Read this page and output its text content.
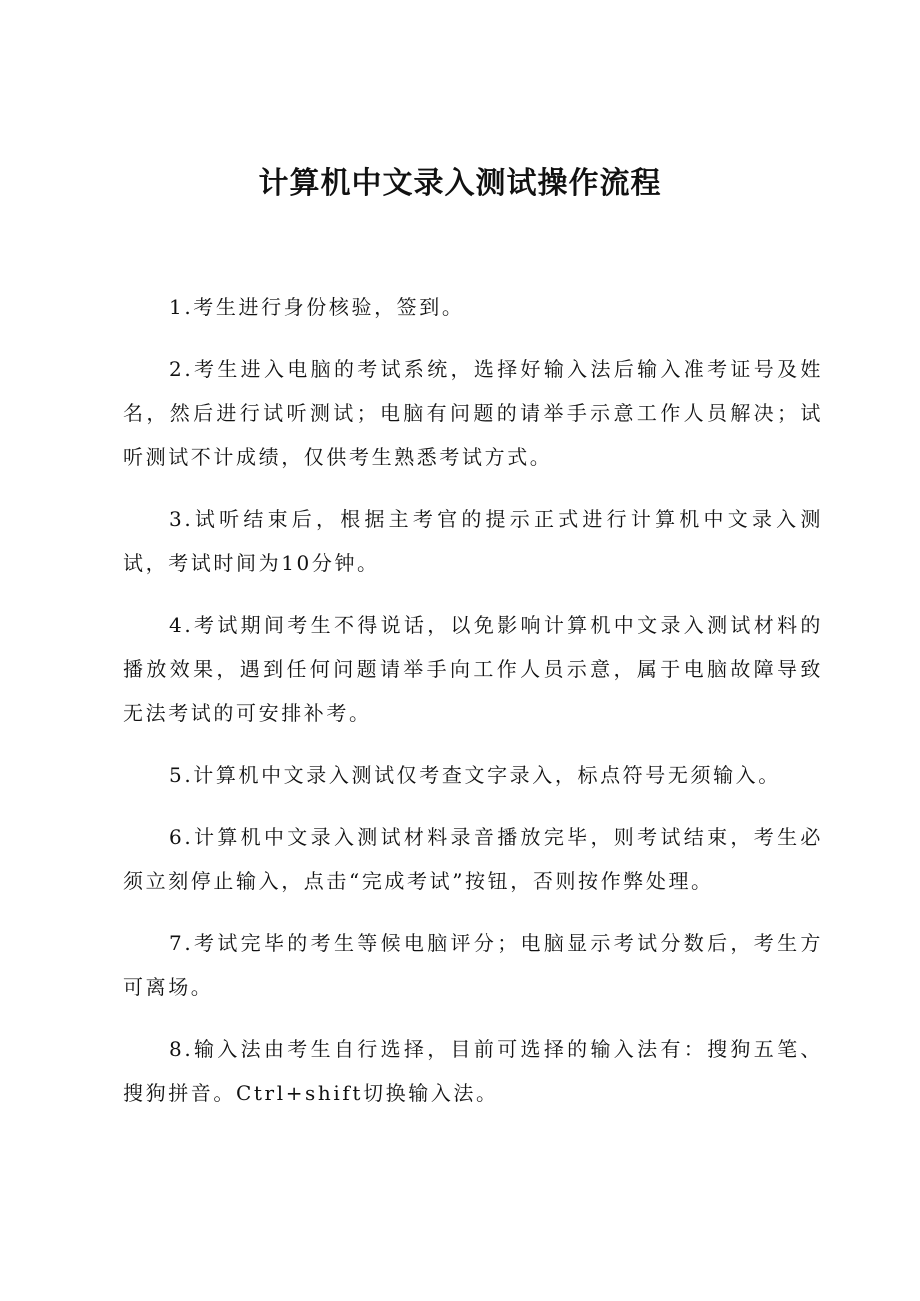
计算机中文录入测试操作流程

1.考生进行身份核验，签到。

2.考生进入电脑的考试系统，选择好输入法后输入准考证号及姓名，然后进行试听测试；电脑有问题的请举手示意工作人员解决；试听测试不计成绩，仅供考生熟悉考试方式。

3.试听结束后，根据主考官的提示正式进行计算机中文录入测试，考试时间为10分钟。

4.考试期间考生不得说话，以免影响计算机中文录入测试材料的播放效果，遇到任何问题请举手向工作人员示意，属于电脑故障导致无法考试的可安排补考。

5.计算机中文录入测试仅考查文字录入，标点符号无须输入。

6.计算机中文录入测试材料录音播放完毕，则考试结束，考生必须立刻停止输入，点击“完成考试”按钮，否则按作弊处理。

7.考试完毕的考生等候电脑评分；电脑显示考试分数后，考生方可离场。

8.输入法由考生自行选择，目前可选择的输入法有：搜狗五笔、搜狗拼音。Ctrl+shift切换输入法。
